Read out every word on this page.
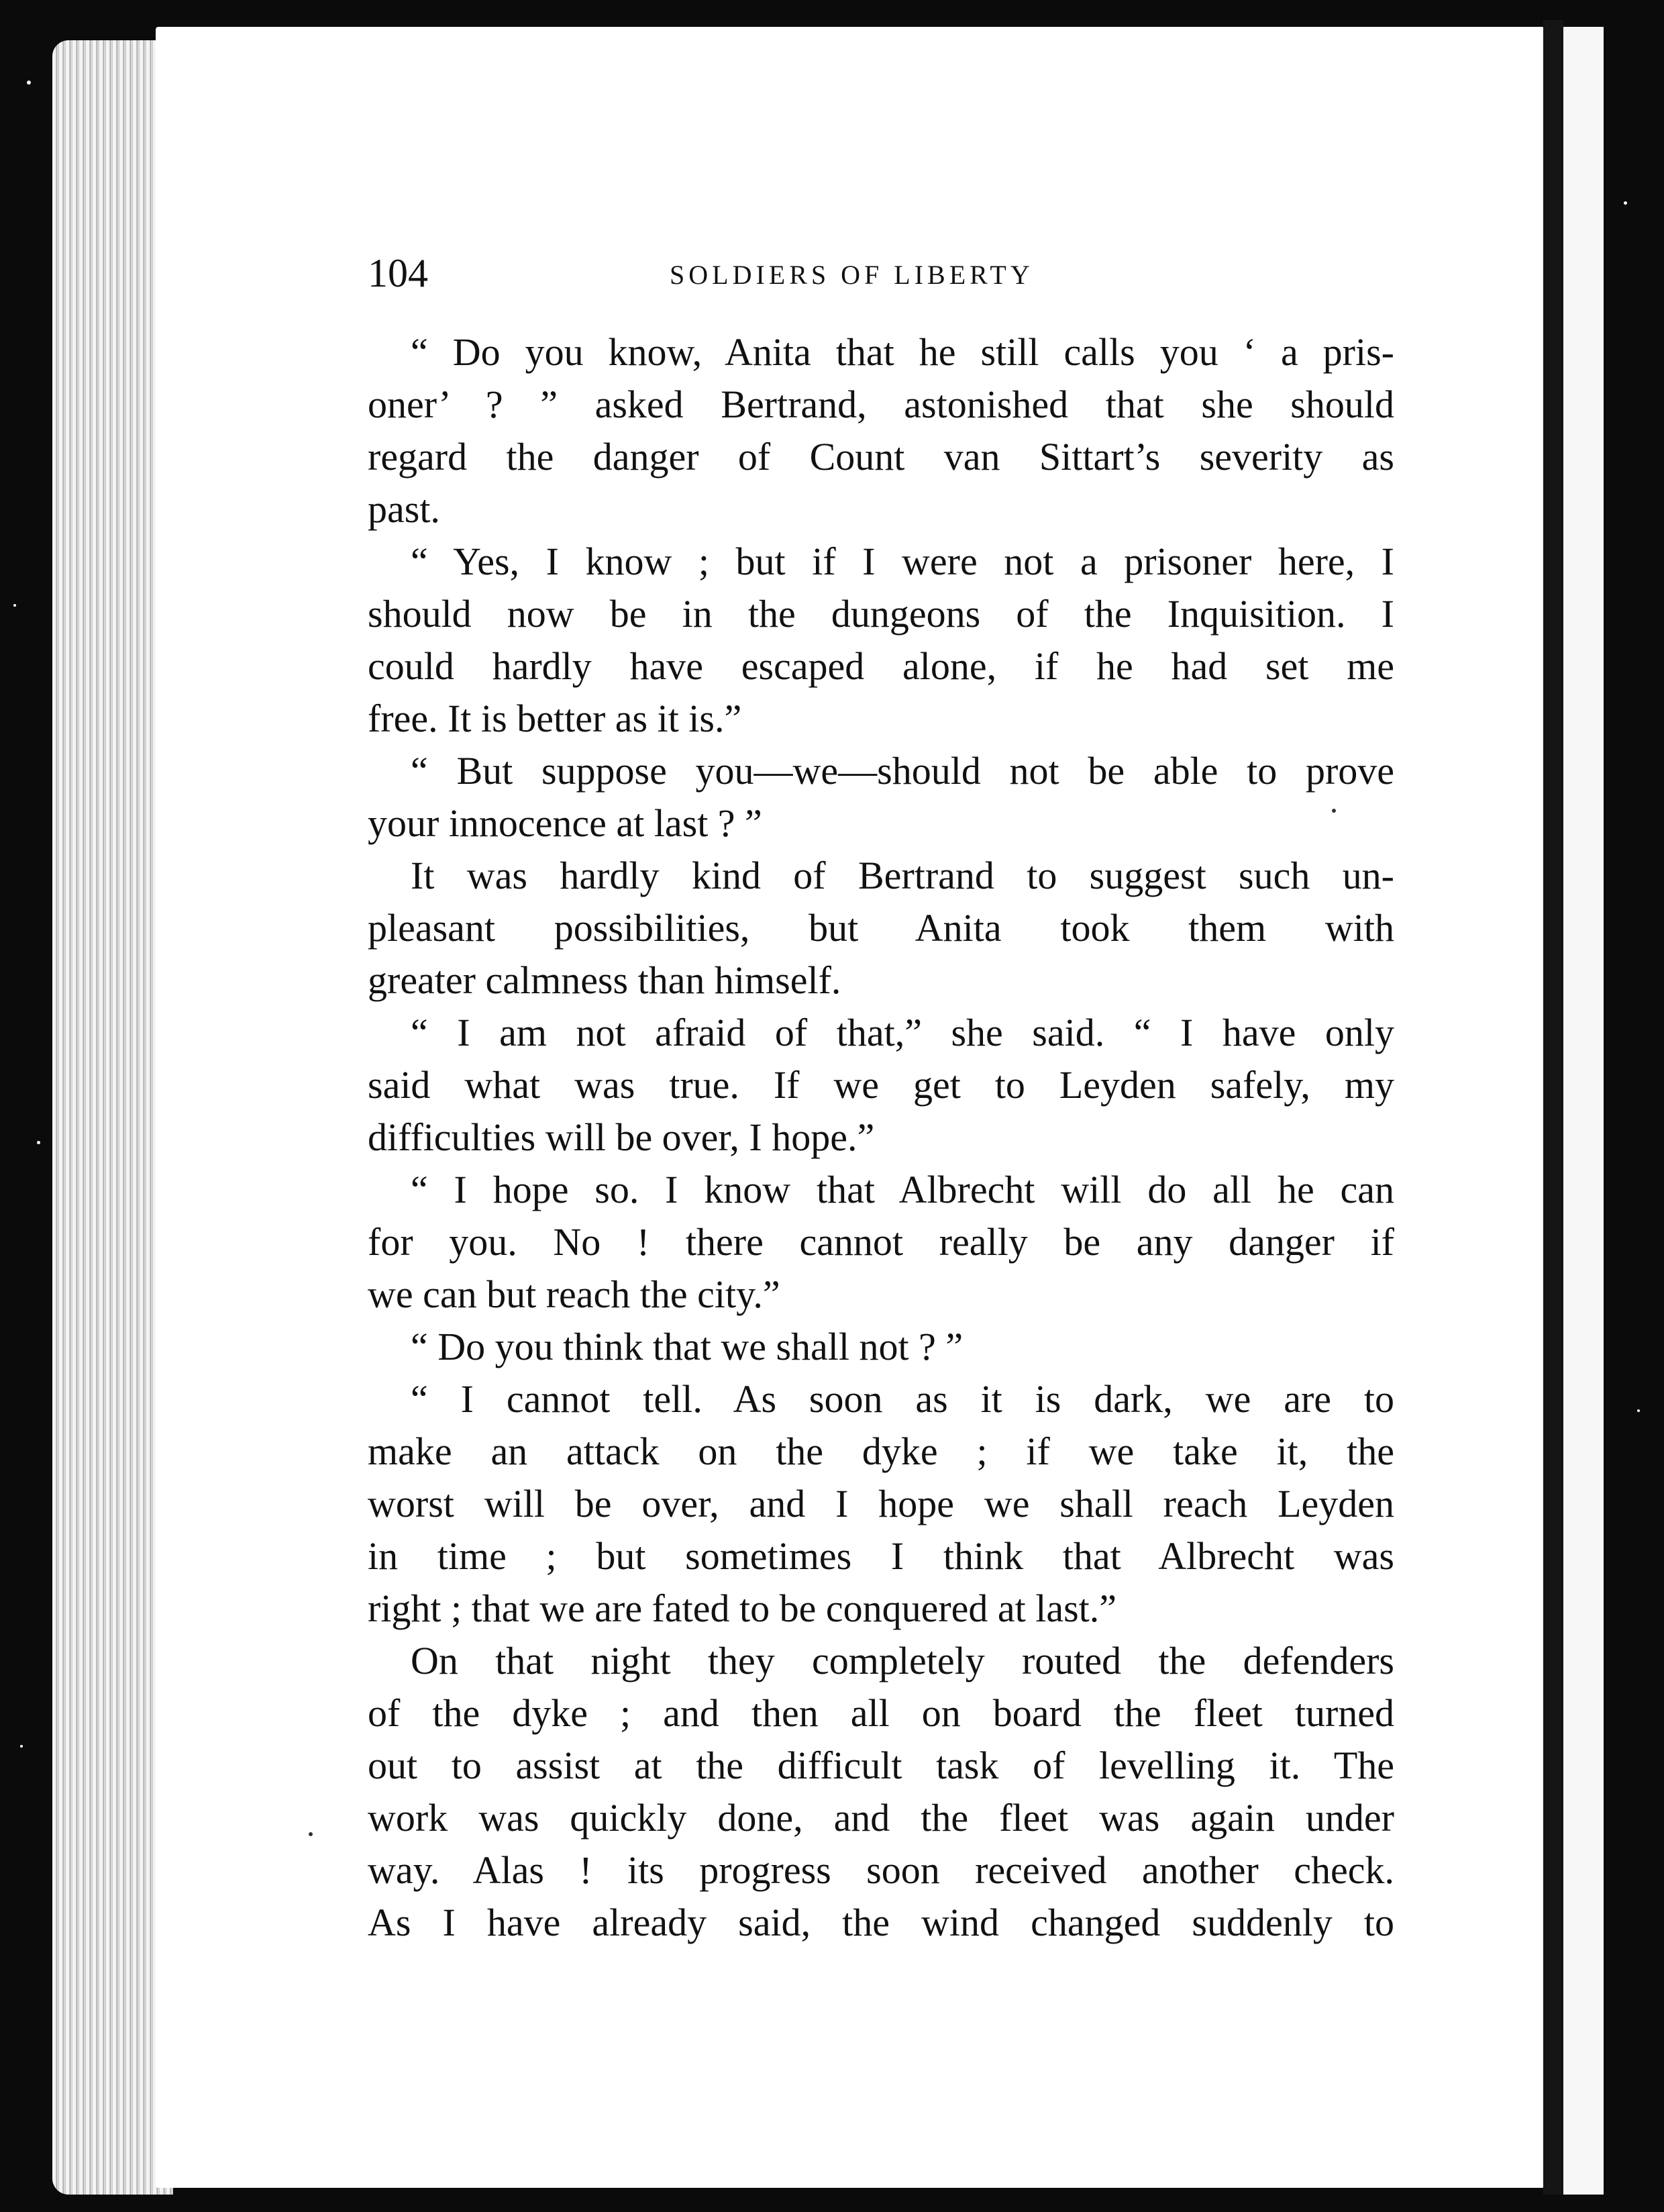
104	SOLDIERS OF LIBERTY
“ Do you know, Anita that he still calls you ‘ a pris-
oner’ ? ” asked Bertrand, astonished that she should
regard the danger of Count van Sittart’s severity as
past.
“ Yes, I know ; but if I were not a prisoner here, I
should now be in the dungeons of the Inquisition. I
could hardly have escaped alone, if he had set me
free. It is better as it is.”
“ But suppose you—we—should not be able to prove
your innocence at last ? ”
It was hardly kind of Bertrand to suggest such un-
pleasant possibilities, but Anita took them with
greater calmness than himself.
“ I am not afraid of that,” she said. “ I have only
said what was true. If we get to Leyden safely, my
difficulties will be over, I hope.”
“ I hope so. I know that Albrecht will do all he can
for you. No ! there cannot really be any danger if
we can but reach the city.”
“ Do you think that we shall not ? ”
“ I cannot tell. As soon as it is dark, we are to
make an attack on the dyke ; if we take it, the
worst will be over, and I hope we shall reach Leyden
in time ; but sometimes I think that Albrecht was
right ; that we are fated to be conquered at last.”
On that night they completely routed the defenders
of the dyke ; and then all on board the fleet turned
out to assist at the difficult task of levelling it. The
work was quickly done, and the fleet was again under
way. Alas ! its progress soon received another check.
As I have already said, the wind changed suddenly to
